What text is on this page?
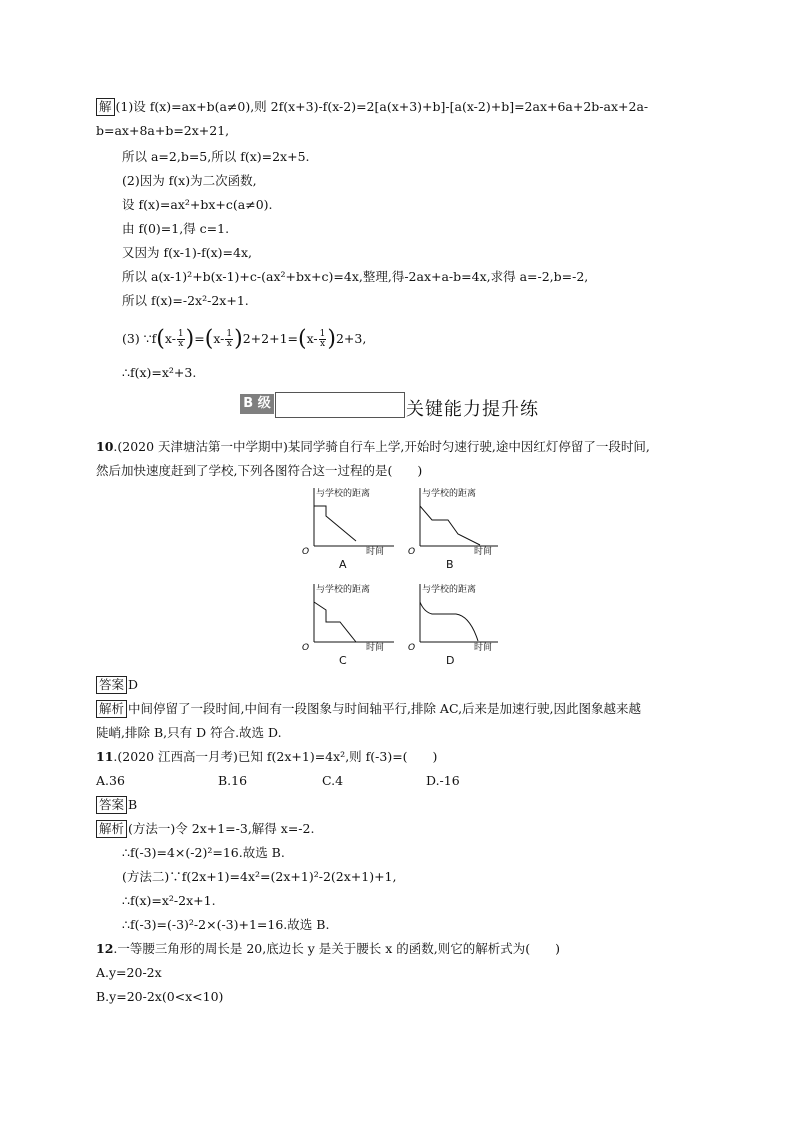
解 (1)设 f(x)=ax+b(a≠0),则 2f(x+3)-f(x-2)=2[a(x+3)+b]-[a(x-2)+b]=2ax+6a+2b-ax+2a-
b=ax+8a+b=2x+21,
所以 a=2,b=5,所以 f(x)=2x+5.
(2)因为 f(x)为二次函数,
设 f(x)=ax²+bx+c(a≠0).
由 f(0)=1,得 c=1.
又因为 f(x-1)-f(x)=4x,
所以 a(x-1)²+b(x-1)+c-(ax²+bx+c)=4x,整理,得-2ax+a-b=4x,求得 a=-2,b=-2,
所以 f(x)=-2x²-2x+1.
(3) ∵f(x- $\frac{1}{x} )=(x- \frac{1}{x} )2+2+1=(x- \frac{1}{x} )2+3$,
∴f(x)=x²+3.
B 级	关键能力提升练
10.(2020 天津塘沽第一中学期中)某同学骑自行车上学,开始时匀速行驶,途中因红灯停留了一段时间,
然后加快速度赶到了学校,下列各图符合这一过程的是(　　)
与学校的距离
时间
O
A
与学校的距离
时间
O
B
与学校的距离
时间
O
C
与学校的距离
时间
O
D
答案 D
解析 中间停留了一段时间,中间有一段图象与时间轴平行,排除 AC,后来是加速行驶,因此图象越来越
陡峭,排除 B,只有 D 符合.故选 D.
11.(2020 江西高一月考)已知 f(2x+1)=4x²,则 f(-3)=(　　)
A.36	B.16	C.4	D.-16
答案 B
解析 (方法一)令 2x+1=-3,解得 x=-2.
∴f(-3)=4×(-2)²=16.故选 B.
(方法二)∵f(2x+1)=4x²=(2x+1)²-2(2x+1)+1,
∴f(x)=x²-2x+1.
∴f(-3)=(-3)²-2×(-3)+1=16.故选 B.
12.一等腰三角形的周长是 20,底边长 y 是关于腰长 x 的函数,则它的解析式为(　　)
A.y=20-2x
B.y=20-2x(0<x<10)
